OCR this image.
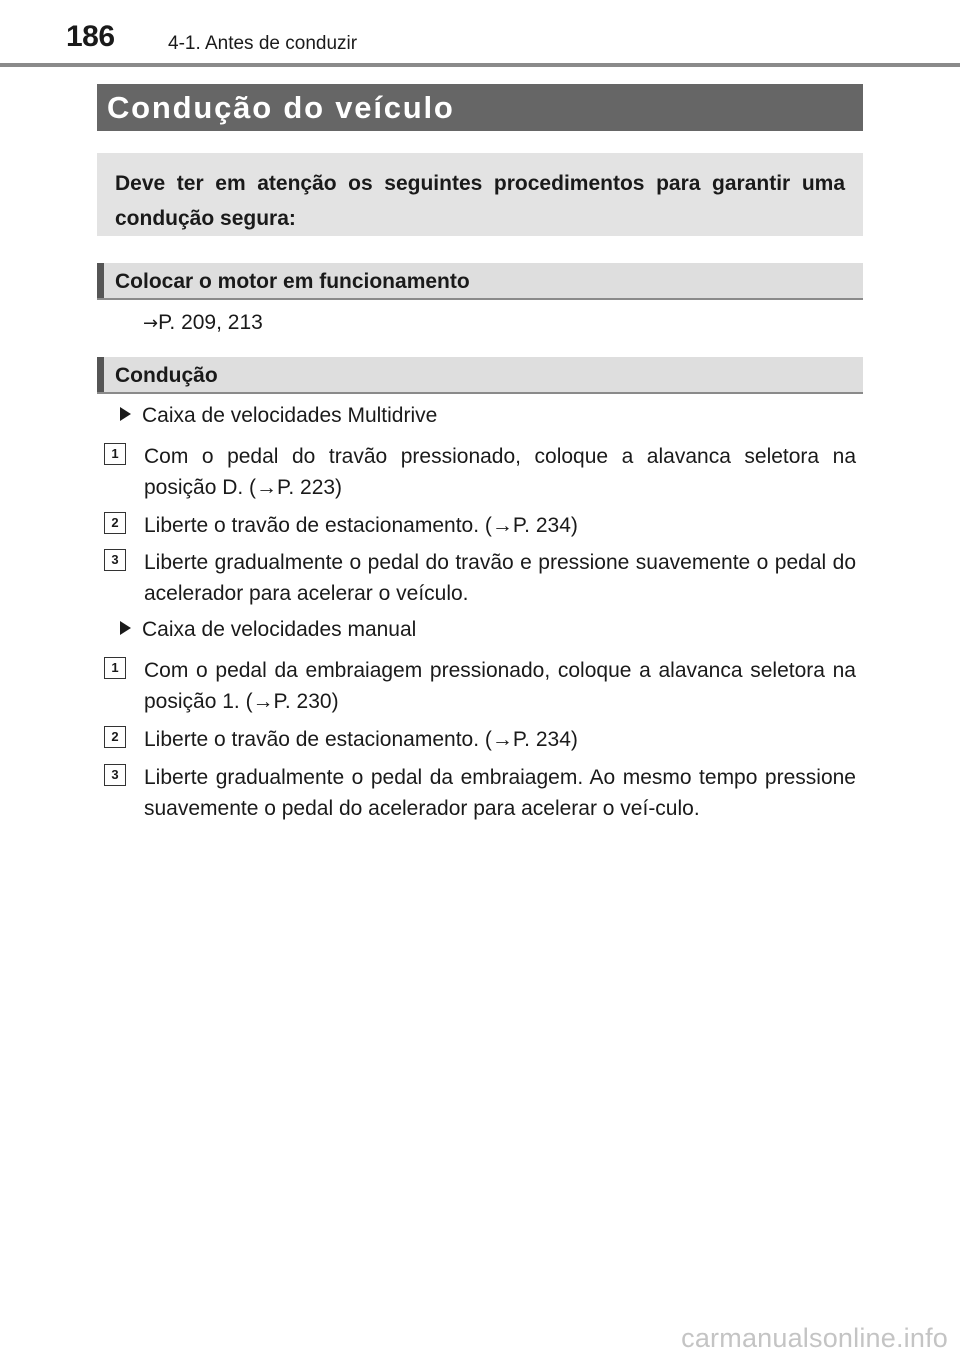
186	4-1. Antes de conduzir
Condução do veículo
Deve ter em atenção os seguintes procedimentos para garantir uma condução segura:
Colocar o motor em funcionamento
→P. 209, 213
Condução
Caixa de velocidades Multidrive
1	Com o pedal do travão pressionado, coloque a alavanca seletora na posição D. (→P. 223)
2	Liberte o travão de estacionamento. (→P. 234)
3	Liberte gradualmente o pedal do travão e pressione suavemente o pedal do acelerador para acelerar o veículo.
Caixa de velocidades manual
1	Com o pedal da embraiagem pressionado, coloque a alavanca seletora na posição 1. (→P. 230)
2	Liberte o travão de estacionamento. (→P. 234)
3	Liberte gradualmente o pedal da embraiagem. Ao mesmo tempo pressione suavemente o pedal do acelerador para acelerar o veí-culo.
carmanualsonline.info
